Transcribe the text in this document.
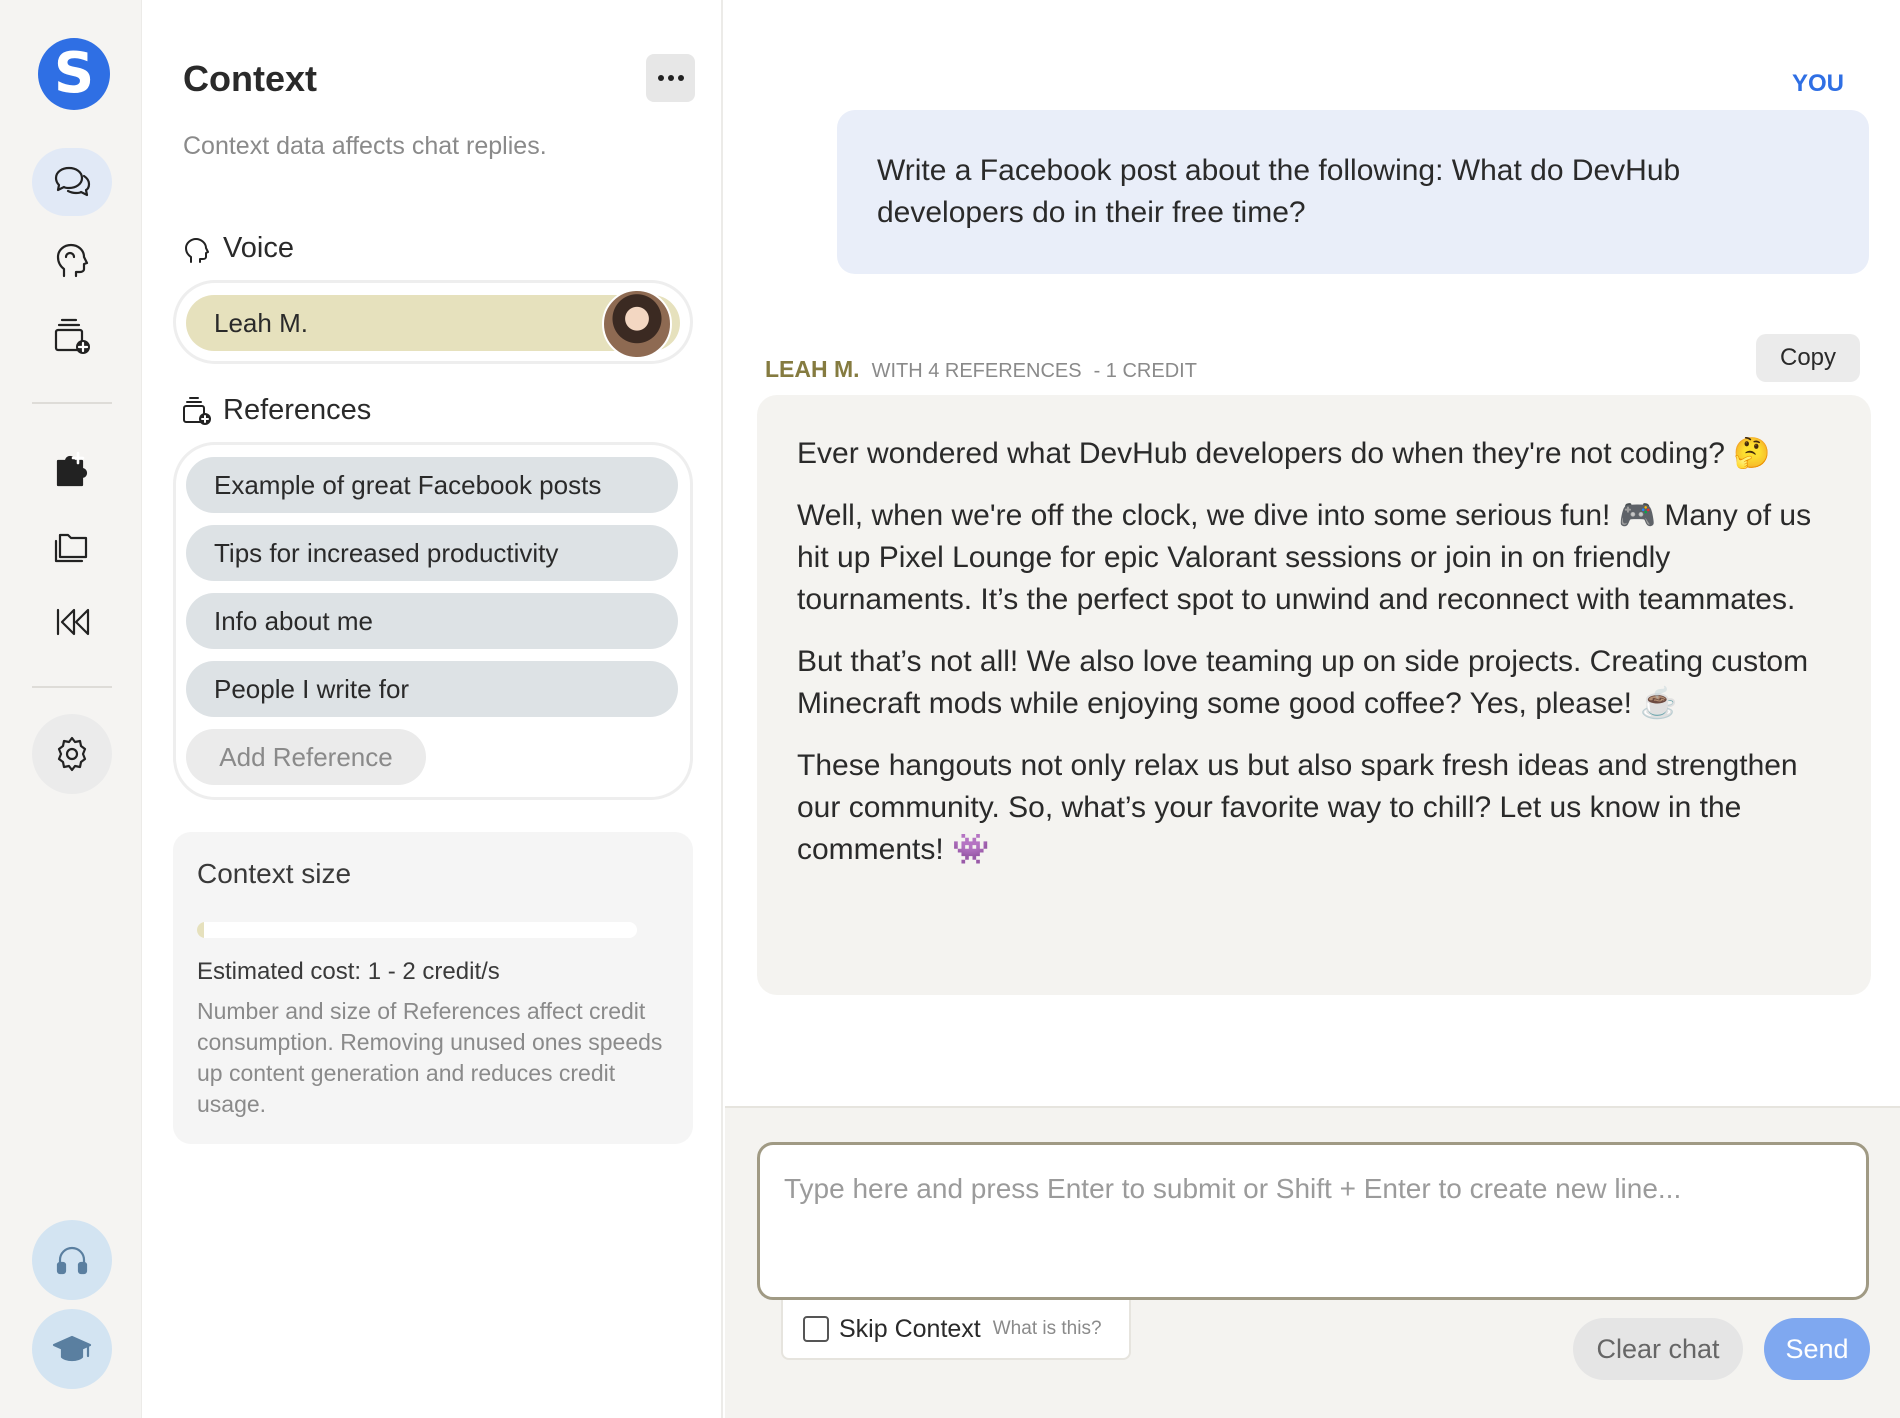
S	Context

Context data affects chat replies.

Voice
Leah M.
References
Example of great Facebook posts
Tips for increased productivity
Info about me
People I write for
Add Reference
Context size
Estimated cost: 1 - 2 credit/s

Number and size of References affect credit consumption. Removing unused ones speeds up content generation and reduces credit usage.

YOU
Write a Facebook post about the following: What do DevHub developers do in their free time?
LEAH M. WITH 4 REFERENCES - 1 CREDIT	Copy

Ever wondered what DevHub developers do when they're not coding? 🤔

Well, when we're off the clock, we dive into some serious fun! 🎮 Many of us hit up Pixel Lounge for epic Valorant sessions or join in on friendly tournaments. It’s the perfect spot to unwind and reconnect with teammates.

But that’s not all! We also love teaming up on side projects. Creating custom Minecraft mods while enjoying some good coffee? Yes, please! ☕

These hangouts not only relax us but also spark fresh ideas and strengthen our community. So, what’s your favorite way to chill? Let us know in the comments! 👾

Type here and press Enter to submit or Shift + Enter to create new line...
Skip Context What is this?
Clear chat	Send
